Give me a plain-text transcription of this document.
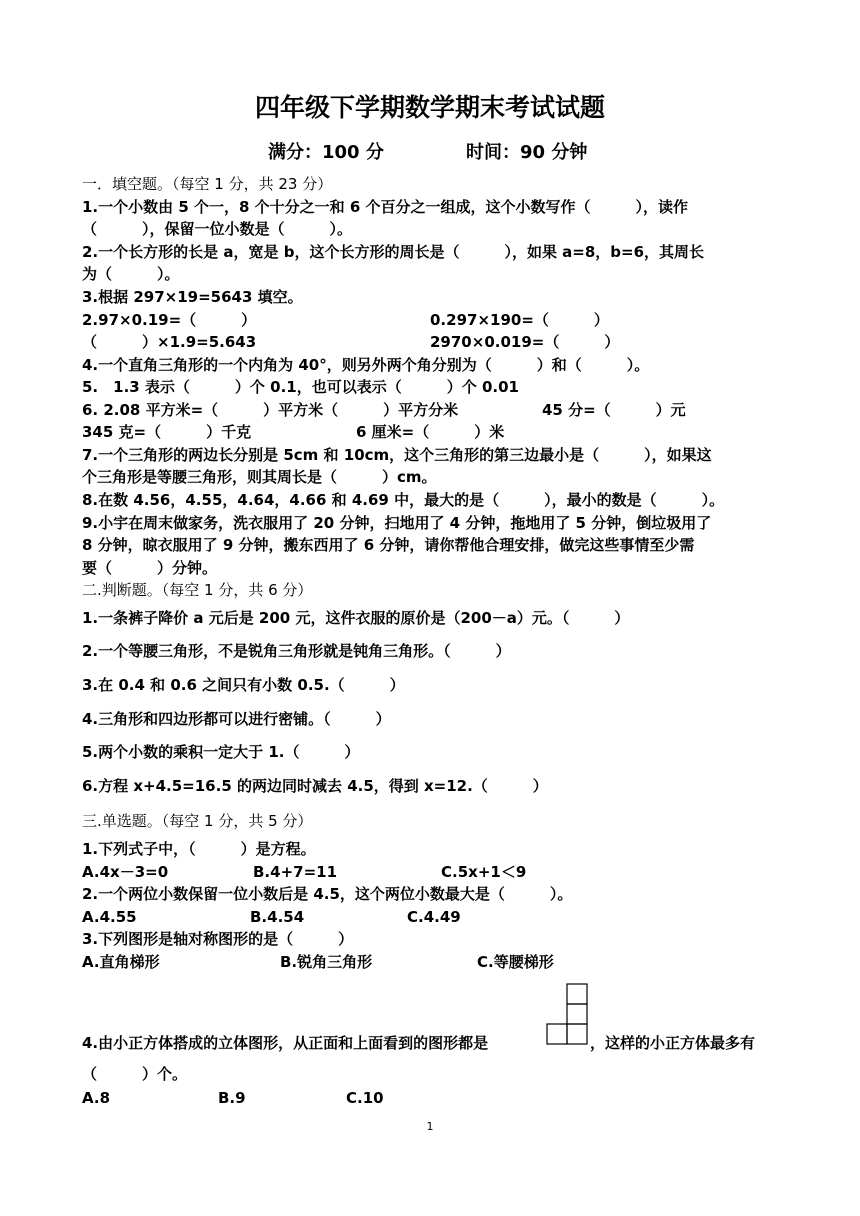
四年级下学期数学期末考试试题
满分：100 分	时间：90 分钟
一．填空题。（每空 1 分，共 23 分）
1.一个小数由 5 个一，8 个十分之一和 6 个百分之一组成，这个小数写作（　　　），读作
（　　　），保留一位小数是（　　　）。
2.一个长方形的长是 a，宽是 b，这个长方形的周长是（　　　），如果 a=8，b=6，其周长
为（　　　）。
3.根据 297×19=5643 填空。
2.97×0.19=（　　　）	0.297×190=（　　　）
（　　　）×1.9=5.643	2970×0.019=（　　　）
4.一个直角三角形的一个内角为 40°，则另外两个角分别为（　　　）和（　　　）。
5.　1.3 表示（　　　）个 0.1，也可以表示（　　　）个 0.01
6. 2.08 平方米=（　　　）平方米（　　　）平方分米	45 分=（　　　）元
345 克=（　　　）千克	6 厘米=（　　　）米
7.一个三角形的两边长分别是 5cm 和 10cm，这个三角形的第三边最小是（　　　），如果这
个三角形是等腰三角形，则其周长是（　　　）cm。
8.在数 4.56，4.55，4.64，4.66 和 4.69 中，最大的是（　　　），最小的数是（　　　）。
9.小宇在周末做家务，洗衣服用了 20 分钟，扫地用了 4 分钟，拖地用了 5 分钟，倒垃圾用了
8 分钟，晾衣服用了 9 分钟，搬东西用了 6 分钟，请你帮他合理安排，做完这些事情至少需
要（　　　）分钟。
二.判断题。（每空 1 分，共 6 分）
1.一条裤子降价 a 元后是 200 元，这件衣服的原价是（200－a）元。（　　　）
2.一个等腰三角形，不是锐角三角形就是钝角三角形。（　　　）
3.在 0.4 和 0.6 之间只有小数 0.5.（　　　）
4.三角形和四边形都可以进行密铺。（　　　）
5.两个小数的乘积一定大于 1.（　　　）
6.方程 x+4.5=16.5 的两边同时减去 4.5，得到 x=12.（　　　）
三.单选题。（每空 1 分，共 5 分）
1.下列式子中，（　　　）是方程。
A.4x－3=0	B.4+7=11	C.5x+1＜9
2.一个两位小数保留一位小数后是 4.5，这个两位小数最大是（　　　）。
A.4.55	B.4.54	C.4.49
3.下列图形是轴对称图形的是（　　　）
A.直角梯形	B.锐角三角形	C.等腰梯形
4.由小正方体搭成的立体图形，从正面和上面看到的图形都是	，这样的小正方体最多有
（　　　）个。
A.8	B.9	C.10
1
